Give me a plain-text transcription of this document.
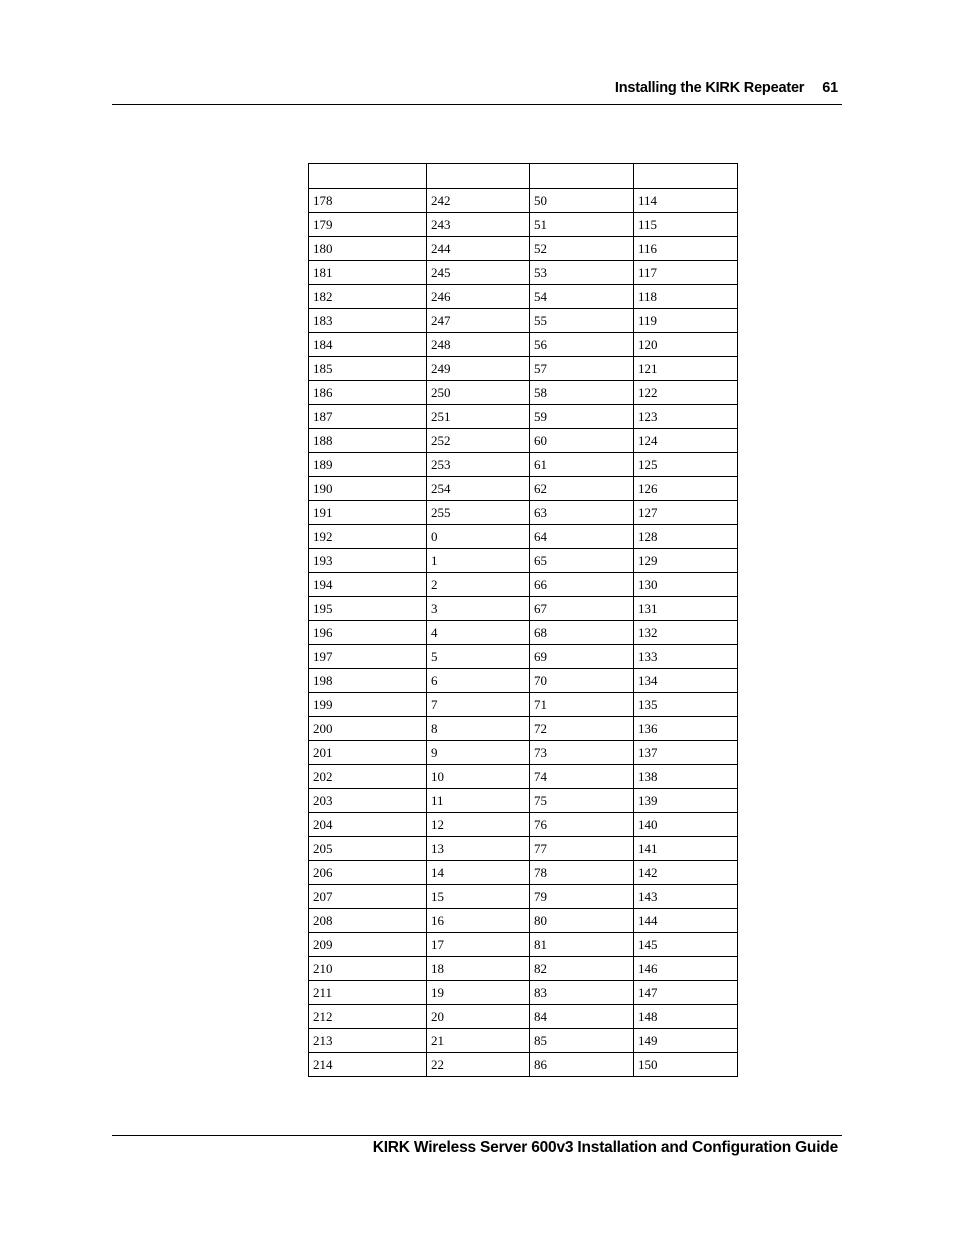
Installing the KIRK Repeater 61

178	242	50	114
179	243	51	115
180	244	52	116
181	245	53	117
182	246	54	118
183	247	55	119
184	248	56	120
185	249	57	121
186	250	58	122
187	251	59	123
188	252	60	124
189	253	61	125
190	254	62	126
191	255	63	127
192	0	64	128
193	1	65	129
194	2	66	130
195	3	67	131
196	4	68	132
197	5	69	133
198	6	70	134
199	7	71	135
200	8	72	136
201	9	73	137
202	10	74	138
203	11	75	139
204	12	76	140
205	13	77	141
206	14	78	142
207	15	79	143
208	16	80	144
209	17	81	145
210	18	82	146
211	19	83	147
212	20	84	148
213	21	85	149
214	22	86	150
KIRK Wireless Server 600v3 Installation and Configuration Guide
